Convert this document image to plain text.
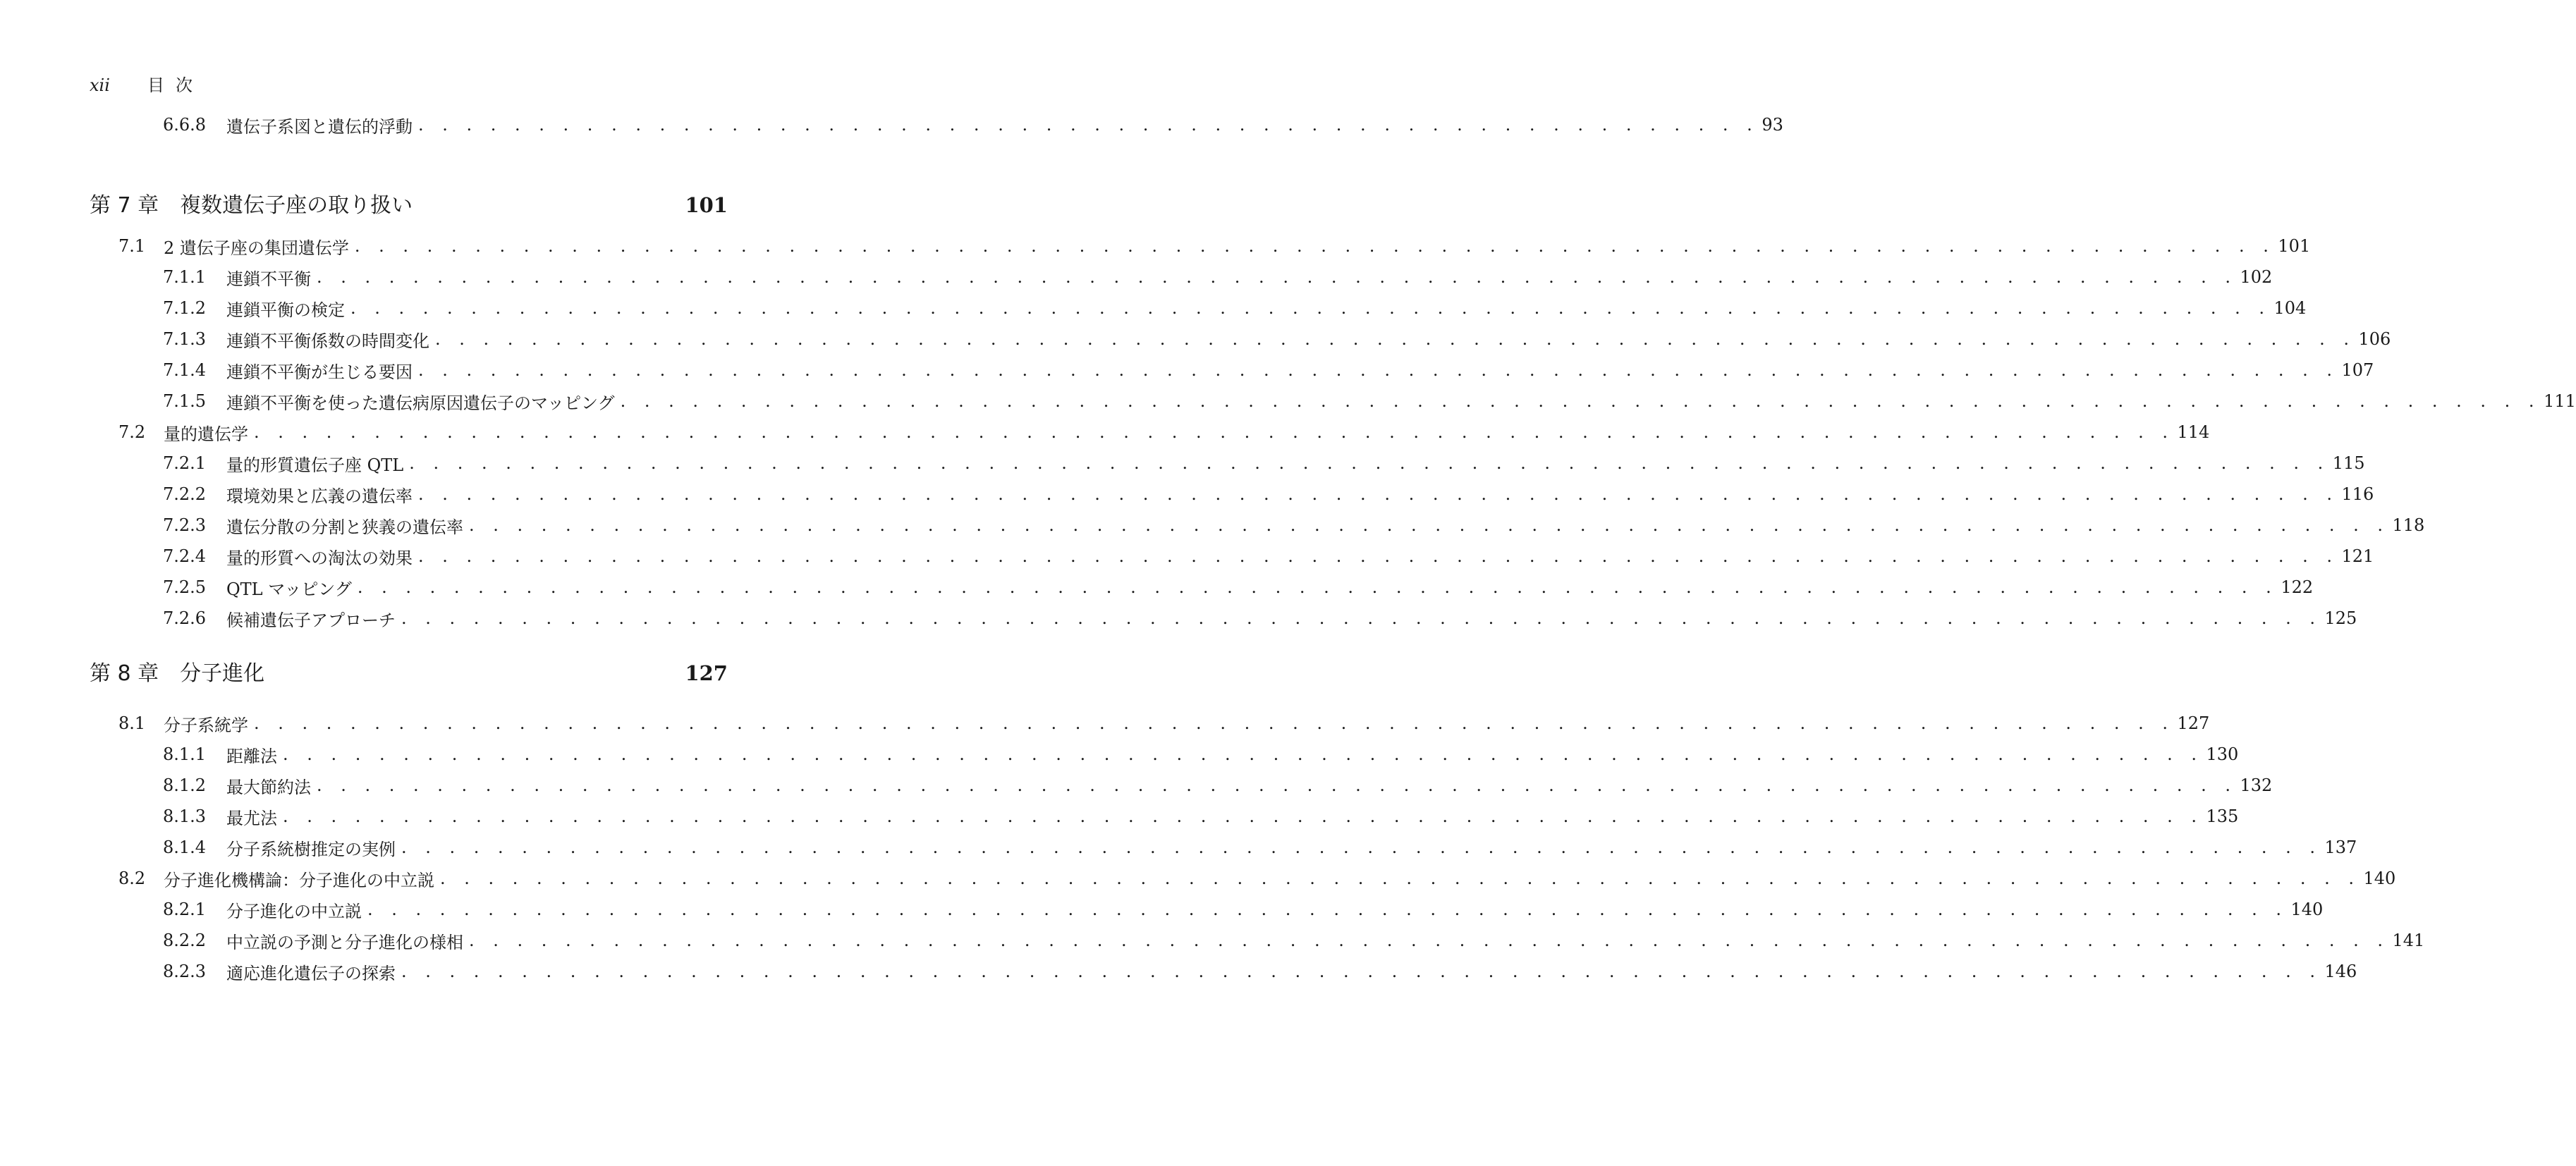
xii	目次
6.6.8	遺伝子系図と遺伝的浮動 . . . . . . . . . . . . . . . . . . . . . . . . . . . . . . . . . . . . . . . . . . . . . . . . . . . . . . . . 93
第 7 章 複数遺伝子座の取り扱い	101
7.1	2 遺伝子座の集団遺伝学 . . . . . . . . . . . . . . . . . . . . . . . . . . . . . . . . . . . . . . . . . . . . . . . . . . . . . . . . . . . . . . . . . . . . . . . . . . . . . . . . 101
7.1.1	連鎖不平衡 . . . . . . . . . . . . . . . . . . . . . . . . . . . . . . . . . . . . . . . . . . . . . . . . . . . . . . . . . . . . . . . . . . . . . . . . . . . . . . . . 102
7.1.2	連鎖平衡の検定 . . . . . . . . . . . . . . . . . . . . . . . . . . . . . . . . . . . . . . . . . . . . . . . . . . . . . . . . . . . . . . . . . . . . . . . . . . . . . . . . 104
7.1.3	連鎖不平衡係数の時間変化 . . . . . . . . . . . . . . . . . . . . . . . . . . . . . . . . . . . . . . . . . . . . . . . . . . . . . . . . . . . . . . . . . . . . . . . . . . . . . . . . 106
7.1.4	連鎖不平衡が生じる要因 . . . . . . . . . . . . . . . . . . . . . . . . . . . . . . . . . . . . . . . . . . . . . . . . . . . . . . . . . . . . . . . . . . . . . . . . . . . . . . . . 107
7.1.5	連鎖不平衡を使った遺伝病原因遺伝子のマッピング . . . . . . . . . . . . . . . . . . . . . . . . . . . . . . . . . . . . . . . . . . . . . . . . . . . . . . . . . . . . . . . . . . . . . . . . . . . . . . . . 111
7.2	量的遺伝学 . . . . . . . . . . . . . . . . . . . . . . . . . . . . . . . . . . . . . . . . . . . . . . . . . . . . . . . . . . . . . . . . . . . . . . . . . . . . . . . . 114
7.2.1	量的形質遺伝子座 QTL . . . . . . . . . . . . . . . . . . . . . . . . . . . . . . . . . . . . . . . . . . . . . . . . . . . . . . . . . . . . . . . . . . . . . . . . . . . . . . . . 115
7.2.2	環境効果と広義の遺伝率 . . . . . . . . . . . . . . . . . . . . . . . . . . . . . . . . . . . . . . . . . . . . . . . . . . . . . . . . . . . . . . . . . . . . . . . . . . . . . . . . 116
7.2.3	遺伝分散の分割と狭義の遺伝率 . . . . . . . . . . . . . . . . . . . . . . . . . . . . . . . . . . . . . . . . . . . . . . . . . . . . . . . . . . . . . . . . . . . . . . . . . . . . . . . . 118
7.2.4	量的形質への淘汰の効果 . . . . . . . . . . . . . . . . . . . . . . . . . . . . . . . . . . . . . . . . . . . . . . . . . . . . . . . . . . . . . . . . . . . . . . . . . . . . . . . . 121
7.2.5	QTL マッピング . . . . . . . . . . . . . . . . . . . . . . . . . . . . . . . . . . . . . . . . . . . . . . . . . . . . . . . . . . . . . . . . . . . . . . . . . . . . . . . . 122
7.2.6	候補遺伝子アプローチ . . . . . . . . . . . . . . . . . . . . . . . . . . . . . . . . . . . . . . . . . . . . . . . . . . . . . . . . . . . . . . . . . . . . . . . . . . . . . . . . 125
第 8 章 分子進化	127
8.1	分子系統学 . . . . . . . . . . . . . . . . . . . . . . . . . . . . . . . . . . . . . . . . . . . . . . . . . . . . . . . . . . . . . . . . . . . . . . . . . . . . . . . . 127
8.1.1	距離法 . . . . . . . . . . . . . . . . . . . . . . . . . . . . . . . . . . . . . . . . . . . . . . . . . . . . . . . . . . . . . . . . . . . . . . . . . . . . . . . . 130
8.1.2	最大節約法 . . . . . . . . . . . . . . . . . . . . . . . . . . . . . . . . . . . . . . . . . . . . . . . . . . . . . . . . . . . . . . . . . . . . . . . . . . . . . . . . 132
8.1.3	最尤法 . . . . . . . . . . . . . . . . . . . . . . . . . . . . . . . . . . . . . . . . . . . . . . . . . . . . . . . . . . . . . . . . . . . . . . . . . . . . . . . . 135
8.1.4	分子系統樹推定の実例 . . . . . . . . . . . . . . . . . . . . . . . . . . . . . . . . . . . . . . . . . . . . . . . . . . . . . . . . . . . . . . . . . . . . . . . . . . . . . . . . 137
8.2	分子進化機構論：分子進化の中立説 . . . . . . . . . . . . . . . . . . . . . . . . . . . . . . . . . . . . . . . . . . . . . . . . . . . . . . . . . . . . . . . . . . . . . . . . . . . . . . . . 140
8.2.1	分子進化の中立説 . . . . . . . . . . . . . . . . . . . . . . . . . . . . . . . . . . . . . . . . . . . . . . . . . . . . . . . . . . . . . . . . . . . . . . . . . . . . . . . . 140
8.2.2	中立説の予測と分子進化の様相 . . . . . . . . . . . . . . . . . . . . . . . . . . . . . . . . . . . . . . . . . . . . . . . . . . . . . . . . . . . . . . . . . . . . . . . . . . . . . . . . 141
8.2.3	適応進化遺伝子の探索 . . . . . . . . . . . . . . . . . . . . . . . . . . . . . . . . . . . . . . . . . . . . . . . . . . . . . . . . . . . . . . . . . . . . . . . . . . . . . . . . 146
